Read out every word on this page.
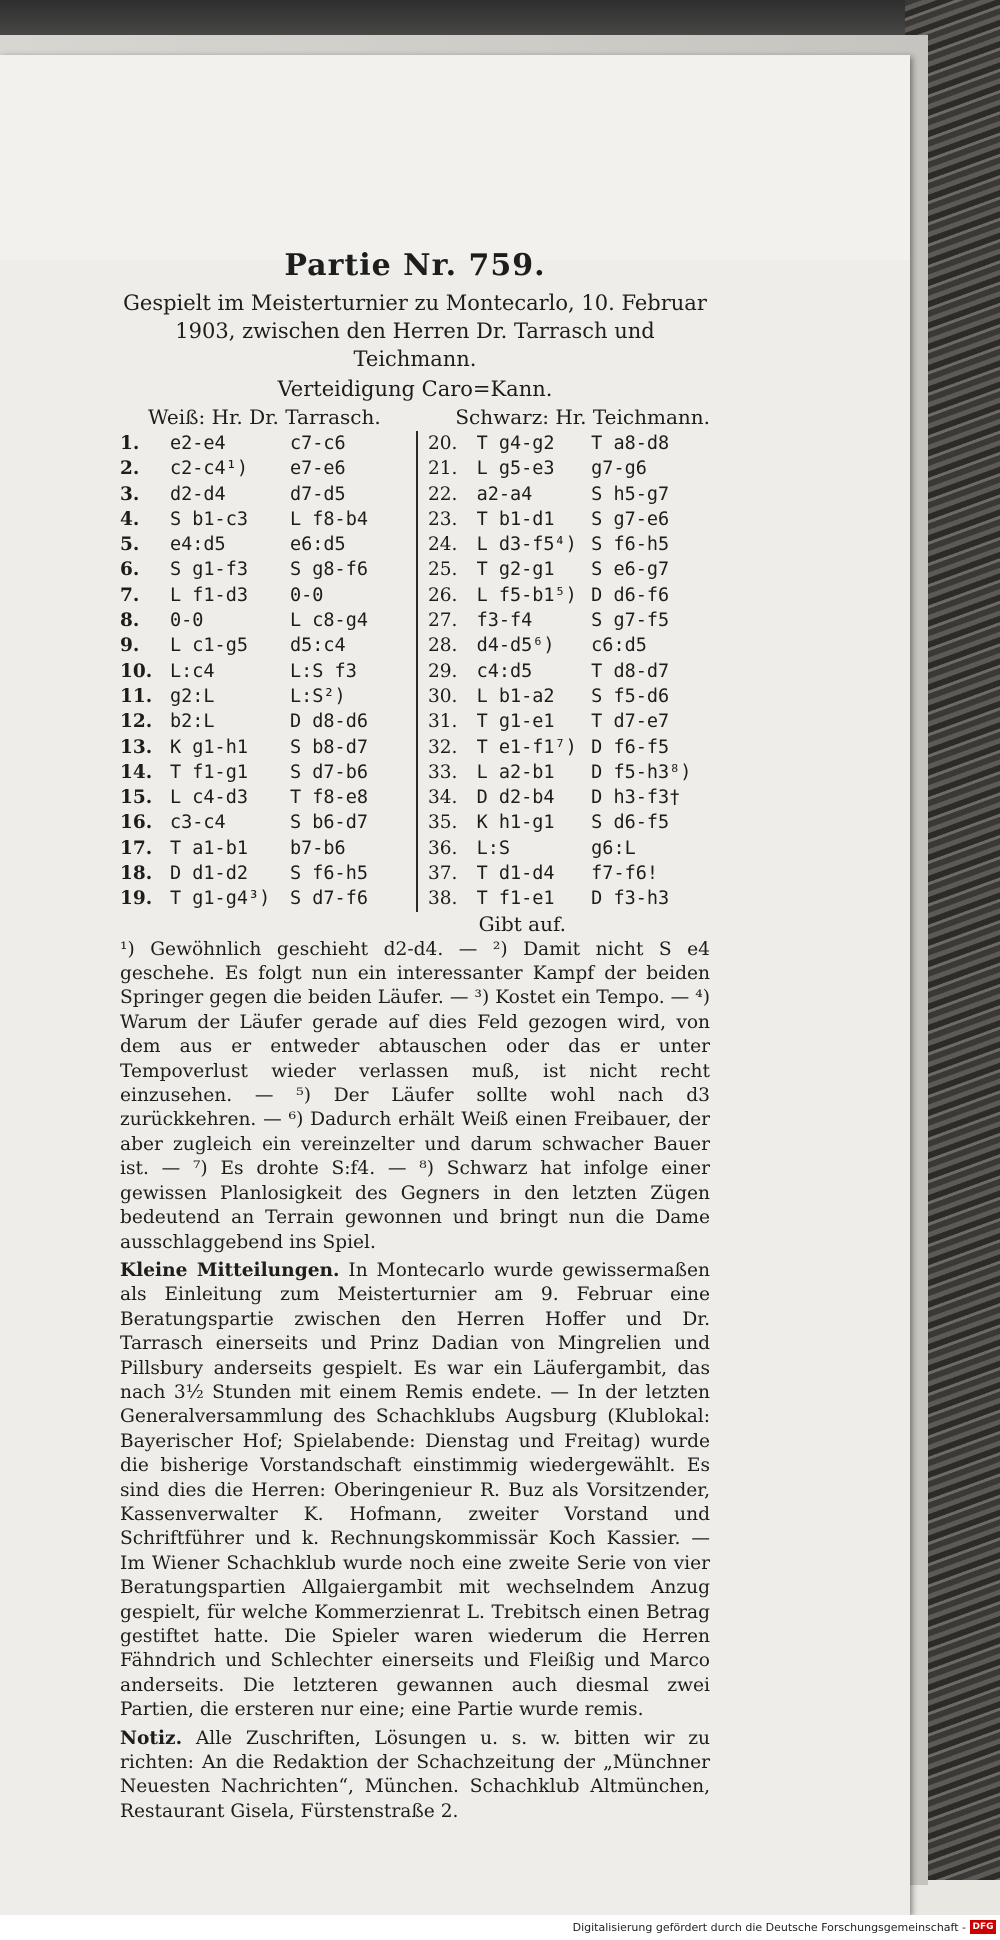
Partie Nr. 759.
Gespielt im Meisterturnier zu Montecarlo, 10. Februar 1903, zwischen den Herren Dr. Tarrasch und Teichmann.
Verteidigung Caro=Kann.
Weiß: Hr. Dr. Tarrasch.	Schwarz: Hr. Teichmann.
1.	e2-e4	c7-c6
2.	c2-c4¹)	e7-e6
3.	d2-d4	d7-d5
4.	S b1-c3	L f8-b4
5.	e4:d5	e6:d5
6.	S g1-f3	S g8-f6
7.	L f1-d3	0-0
8.	0-0	L c8-g4
9.	L c1-g5	d5:c4
10. L:c4	L:S f3
11. g2:L	L:S²)
12. b2:L	D d8-d6
13. K g1-h1	S b8-d7
14. T f1-g1	S d7-b6
15. L c4-d3	T f8-e8
16. c3-c4	S b6-d7
17. T a1-b1	b7-b6
18. D d1-d2	S f6-h5
19. T g1-g4³)	S d7-f6
20.	T g4-g2	T a8-d8
21.	L g5-e3	g7-g6
22.	a2-a4	S h5-g7
23.	T b1-d1	S g7-e6
24.	L d3-f5⁴) S f6-h5
25.	T g2-g1	S e6-g7
26.	L f5-b1⁵) D d6-f6
27.	f3-f4	S g7-f5
28.	d4-d5⁶)	c6:d5
29.	c4:d5	T d8-d7
30.	L b1-a2	S f5-d6
31.	T g1-e1	T d7-e7
32.	T e1-f1⁷) D f6-f5
33.	L a2-b1	D f5-h3⁸)
34.	D d2-b4	D h3-f3†
35.	K h1-g1	S d6-f5
36.	L:S	g6:L
37.	T d1-d4	f7-f6!
38.	T f1-e1	D f3-h3
Gibt auf.

¹) Gewöhnlich geschieht d2-d4. — ²) Damit nicht S e4 geschehe. Es folgt nun ein interessanter Kampf der beiden Springer gegen die beiden Läufer. — ³) Kostet ein Tempo. — ⁴) Warum der Läufer gerade auf dies Feld gezogen wird, von dem aus er entweder abtauschen oder das er unter Tempoverlust wieder verlassen muß, ist nicht recht einzusehen. — ⁵) Der Läufer sollte wohl nach d3 zurückkehren. — ⁶) Dadurch erhält Weiß einen Freibauer, der aber zugleich ein vereinzelter und darum schwacher Bauer ist. — ⁷) Es drohte S:f4. — ⁸) Schwarz hat infolge einer gewissen Planlosigkeit des Gegners in den letzten Zügen bedeutend an Terrain gewonnen und bringt nun die Dame ausschlaggebend ins Spiel.

Kleine Mitteilungen. In Montecarlo wurde gewissermaßen als Einleitung zum Meisterturnier am 9. Februar eine Beratungspartie zwischen den Herren Hoffer und Dr. Tarrasch einerseits und Prinz Dadian von Mingrelien und Pillsbury anderseits gespielt. Es war ein Läufergambit, das nach 3½ Stunden mit einem Remis endete. — In der letzten Generalversammlung des Schachklubs Augsburg (Klublokal: Bayerischer Hof; Spielabende: Dienstag und Freitag) wurde die bisherige Vorstandschaft einstimmig wiedergewählt. Es sind dies die Herren: Oberingenieur R. Buz als Vorsitzender, Kassenverwalter K. Hofmann, zweiter Vorstand und Schriftführer und k. Rechnungskommissär Koch Kassier. — Im Wiener Schachklub wurde noch eine zweite Serie von vier Beratungspartien Allgaiergambit mit wechselndem Anzug gespielt, für welche Kommerzienrat L. Trebitsch einen Betrag gestiftet hatte. Die Spieler waren wiederum die Herren Fähndrich und Schlechter einerseits und Fleißig und Marco anderseits. Die letzteren gewannen auch diesmal zwei Partien, die ersteren nur eine; eine Partie wurde remis.
Notiz. Alle Zuschriften, Lösungen u. s. w. bitten wir zu richten: An die Redaktion der Schachzeitung der „Münchner Neuesten Nachrichten“, München. Schachklub Altmünchen, Restaurant Gisela, Fürstenstraße 2.
Digitalisierung gefördert durch die Deutsche Forschungsgemeinschaft - DFG
